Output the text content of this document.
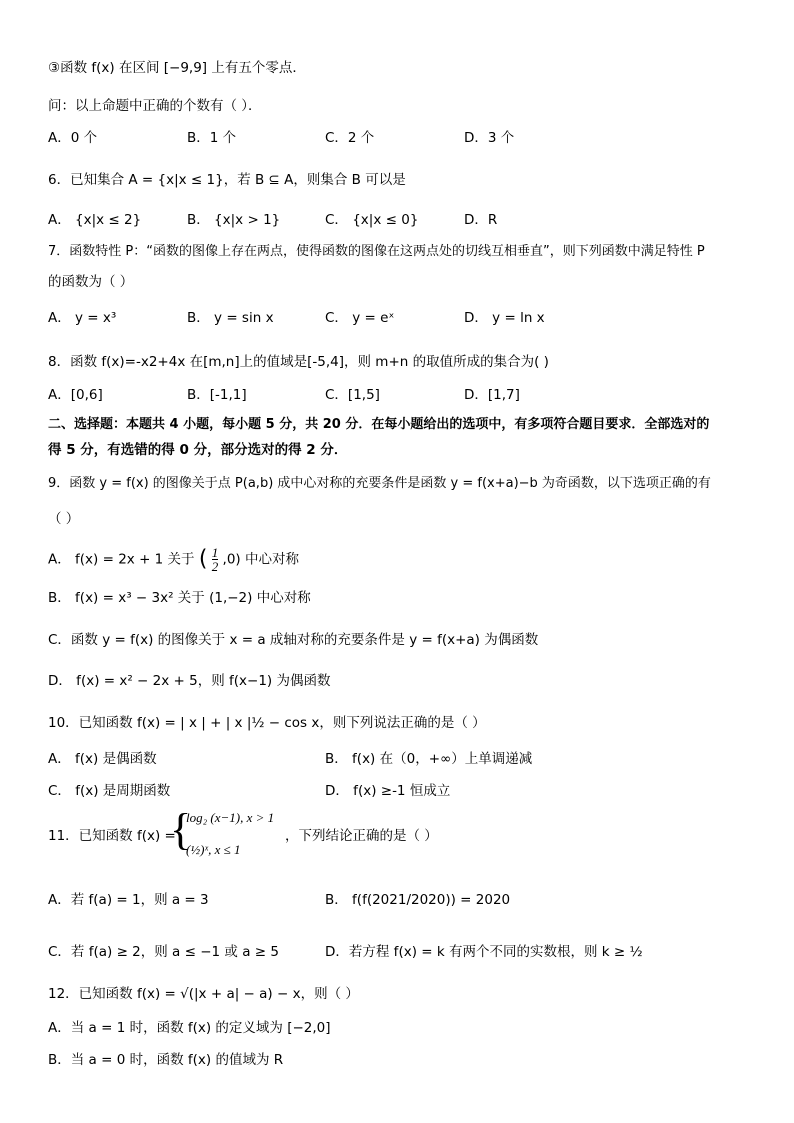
③函数 f(x) 在区间 [−9,9] 上有五个零点．
问：以上命题中正确的个数有（ ）．
A．0 个	B．1 个	C．2 个	D．3 个
6．已知集合 A = {x|x ≤ 1}，若 B ⊆ A，则集合 B 可以是
A． {x|x ≤ 2}	B． {x|x > 1}	C． {x|x ≤ 0}	D．R
7．函数特性 P：“函数的图像上存在两点，使得函数的图像在这两点处的切线互相垂直”，则下列函数中满足特性 P
的函数为（ ）
A． y = x³	B． y = sin x	C． y = eˣ	D． y = ln x
8．函数 f(x)=-x2+4x 在[m,n]上的值域是[-5,4]，则 m+n 的取值所成的集合为( )
A．[0,6]	B．[-1,1]	C．[1,5]	D．[1,7]
二、选择题：本题共 4 小题，每小题 5 分，共 20 分．在每小题给出的选项中，有多项符合题目要求．全部选对的
得 5 分，有选错的得 0 分，部分选对的得 2 分．
9．函数 y = f(x) 的图像关于点 P(a,b) 成中心对称的充要条件是函数 y = f(x+a)−b 为奇函数，以下选项正确的有
（ ）
A． f(x) = 2x + 1 关于 ( $\frac{1}{2} ,0$) 中心对称
B． f(x) = x³ − 3x² 关于 (1,−2) 中心对称
C．函数 y = f(x) 的图像关于 x = a 成轴对称的充要条件是 y = f(x+a) 为偶函数
D． f(x) = x² − 2x + 5，则 f(x−1) 为偶函数
10．已知函数 f(x) = | x | + | x |½ − cos x，则下列说法正确的是（ ）
A． f(x) 是偶函数	B． f(x) 在（0，+∞）上单调递减
C． f(x) 是周期函数	D． f(x) ≥-1 恒成立
11．已知函数 f(x) =
{
log₂ (x−1), x > 1
(½)ˣ, x ≤ 1
，下列结论正确的是（ ）
A．若 f(a) = 1，则 a = 3	B． f(f(2021/2020)) = 2020
C．若 f(a) ≥ 2，则 a ≤ −1 或 a ≥ 5	D．若方程 f(x) = k 有两个不同的实数根，则 k ≥ ½
12．已知函数 f(x) = √(|x + a| − a) − x，则（ ）
A．当 a = 1 时，函数 f(x) 的定义域为 [−2,0]
B．当 a = 0 时，函数 f(x) 的值域为 R
